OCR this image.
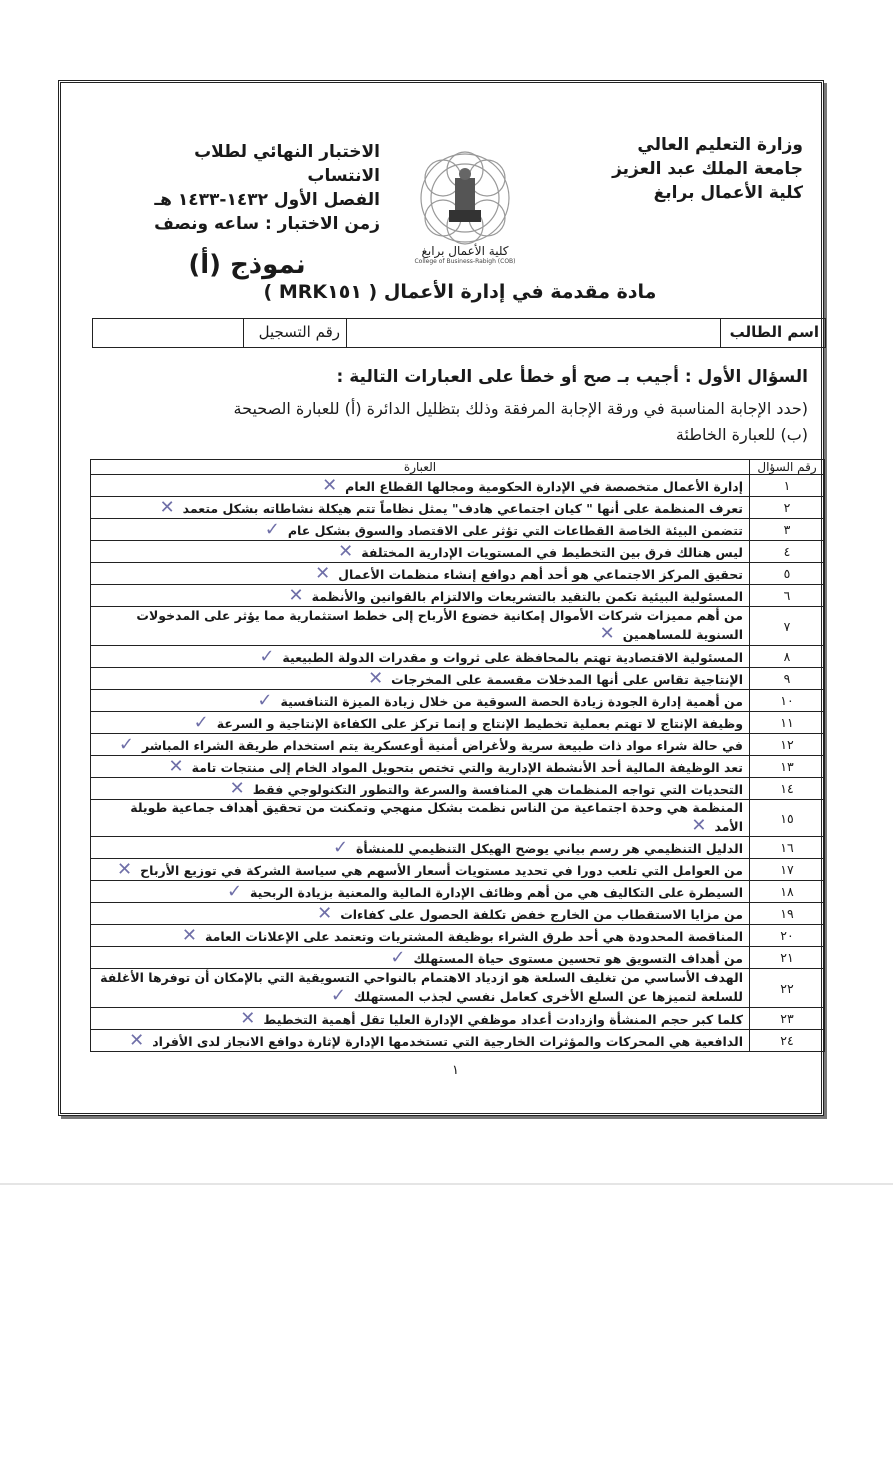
وزارة التعليم العالي
جامعة الملك عبد العزيز
كلية الأعمال برابغ
الاختبار النهائي لطلاب الانتساب
الفصل الأول ١٤٣٢-١٤٣٣ هـ
زمن الاختبار : ساعه ونصف
كلية الأعمال برابغ
College of Business-Rabigh (COB)
نموذج (أ)
مادة مقدمة في إدارة الأعمال ( MRK١٥١ )
اسم الطالب
رقم التسجيل
السؤال الأول : أجيب بـ صح أو خطأ على العبارات التالية :
(حدد الإجابة المناسبة في ورقة الإجابة المرفقة وذلك بتظليل الدائرة (أ) للعبارة الصحيحة
(ب) للعبارة الخاطئة
رقم السؤال	العبارة
١	إدارة الأعمال متخصصة في الإدارة الحكومية ومجالها القطاع العام✕
٢	تعرف المنظمة على أنها " كيان اجتماعي هادف" يمثل نظاماً تتم هيكلة نشاطاته بشكل متعمد✕
٣	تتضمن البيئة الخاصة القطاعات التي تؤثر على الاقتصاد والسوق بشكل عام✓
٤	ليس هنالك فرق بين التخطيط في المستويات الإدارية المختلفة✕
٥	تحقيق المركز الاجتماعي هو أحد أهم دوافع إنشاء منظمات الأعمال✕
٦	المسئولية البيئية تكمن بالتقيد بالتشريعات والالتزام بالقوانين والأنظمة✕
٧	من أهم مميزات شركات الأموال إمكانية خضوع الأرباح إلى خطط استثمارية مما يؤثر على المدخولات السنوية للمساهمين✕
٨	المسئولية الاقتصادية تهتم بالمحافظة على ثروات و مقدرات الدولة الطبيعية✓
٩	الإنتاجية تقاس على أنها المدخلات مقسمة على المخرجات✕
١٠	من أهمية إدارة الجودة زيادة الحصة السوقية من خلال زيادة الميزة التنافسية✓
١١	وظيفة الإنتاج لا تهتم بعملية تخطيط الإنتاج و إنما تركز على الكفاءة الإنتاجية و السرعة✓
١٢	في حالة شراء مواد ذات طبيعة سرية ولأغراض أمنية أوعسكرية يتم استخدام طريقة الشراء المباشر✓
١٣	تعد الوظيفة المالية أحد الأنشطة الإدارية والتي تختص بتحويل المواد الخام إلى منتجات تامة✕
١٤	التحديات التي تواجه المنظمات هي المنافسة والسرعة والتطور التكنولوجي فقط✕
١٥	المنظمة هي وحدة اجتماعية من الناس نظمت بشكل منهجي وتمكنت من تحقيق أهداف جماعية طويلة الأمد✕
١٦	الدليل التنظيمي هر رسم بياني يوضح الهيكل التنظيمي للمنشأة✓
١٧	من العوامل التي تلعب دورا في تحديد مستويات أسعار الأسهم هي سياسة الشركة في توزيع الأرباح✕
١٨	السيطرة على التكاليف هي من أهم وظائف الإدارة المالية والمعنية بزيادة الربحية✓
١٩	من مزايا الاستقطاب من الخارج خفض تكلفة الحصول على كفاءات✕
٢٠	المناقصة المحدودة هي أحد طرق الشراء بوظيفة المشتريات وتعتمد على الإعلانات العامة✕
٢١	من أهداف التسويق هو تحسين مستوى حياة المستهلك✓
٢٢	الهدف الأساسي من تغليف السلعة هو ازدياد الاهتمام بالنواحي التسويقية التي بالإمكان أن توفرها الأغلفة للسلعة لتميزها عن السلع الأخرى كعامل نفسي لجذب المستهلك✓
٢٣	كلما كبر حجم المنشأة وازدادت أعداد موظفي الإدارة العليا تقل أهمية التخطيط✕
٢٤	الدافعية هي المحركات والمؤثرات الخارجية التي تستخدمها الإدارة لإثارة دوافع الانجاز لدى الأفراد✕
١
